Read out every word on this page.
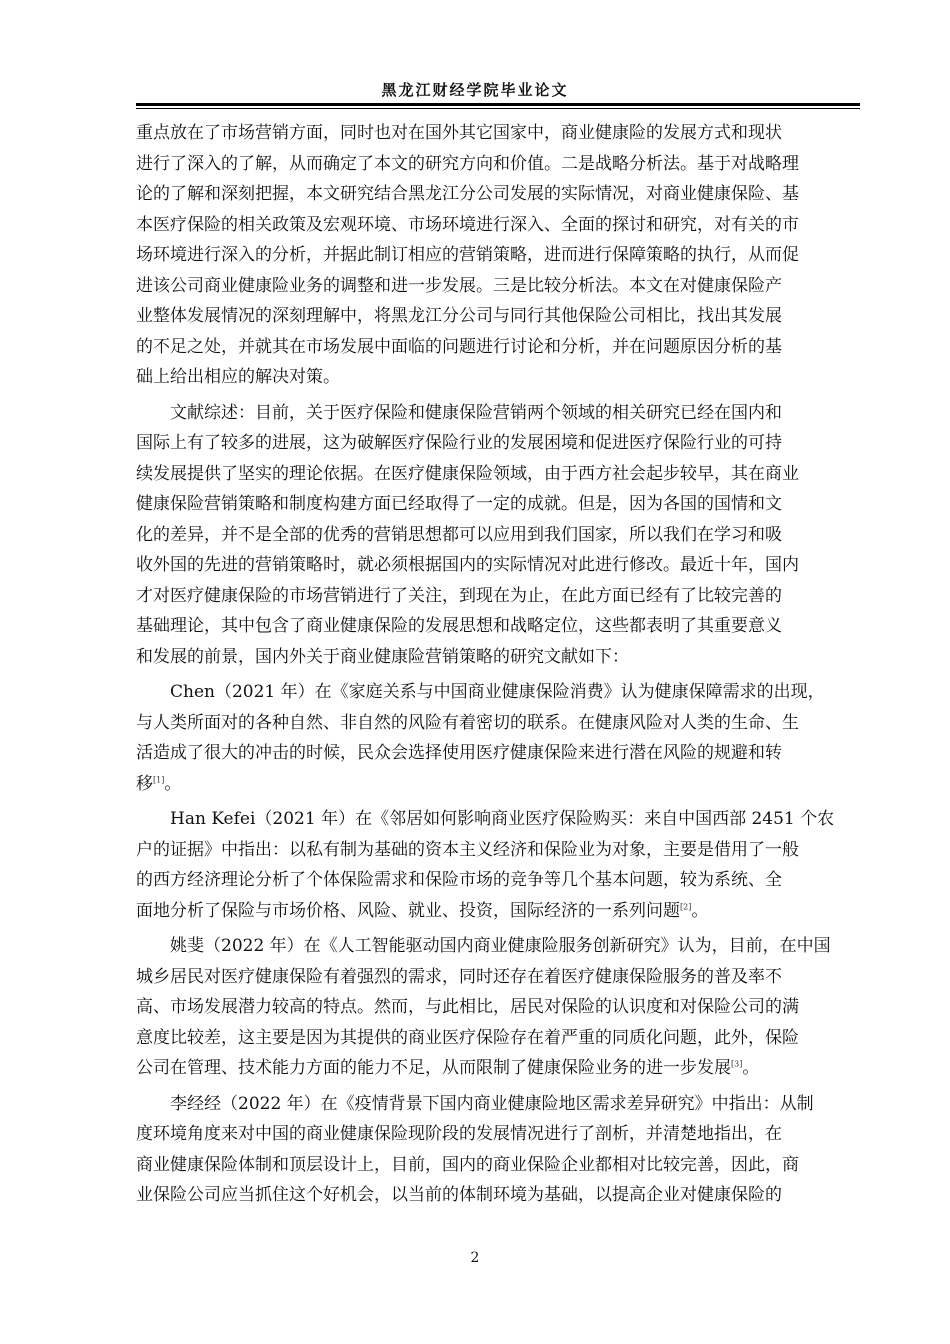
黑龙江财经学院毕业论文
重点放在了市场营销方面，同时也对在国外其它国家中，商业健康险的发展方式和现状
进行了深入的了解，从而确定了本文的研究方向和价值。二是战略分析法。基于对战略理
论的了解和深刻把握，本文研究结合黑龙江分公司发展的实际情况，对商业健康保险、基
本医疗保险的相关政策及宏观环境、市场环境进行深入、全面的探讨和研究，对有关的市
场环境进行深入的分析，并据此制订相应的营销策略，进而进行保障策略的执行，从而促
进该公司商业健康险业务的调整和进一步发展。三是比较分析法。本文在对健康保险产
业整体发展情况的深刻理解中，将黑龙江分公司与同行其他保险公司相比，找出其发展
的不足之处，并就其在市场发展中面临的问题进行讨论和分析，并在问题原因分析的基
础上给出相应的解决对策。
　　文献综述：目前，关于医疗保险和健康保险营销两个领域的相关研究已经在国内和
国际上有了较多的进展，这为破解医疗保险行业的发展困境和促进医疗保险行业的可持
续发展提供了坚实的理论依据。在医疗健康保险领域，由于西方社会起步较早，其在商业
健康保险营销策略和制度构建方面已经取得了一定的成就。但是，因为各国的国情和文
化的差异，并不是全部的优秀的营销思想都可以应用到我们国家，所以我们在学习和吸
收外国的先进的营销策略时，就必须根据国内的实际情况对此进行修改。最近十年，国内
才对医疗健康保险的市场营销进行了关注，到现在为止，在此方面已经有了比较完善的
基础理论，其中包含了商业健康保险的发展思想和战略定位，这些都表明了其重要意义
和发展的前景，国内外关于商业健康险营销策略的研究文献如下：
　　Chen（2021 年）在《家庭关系与中国商业健康保险消费》认为健康保障需求的出现，
与人类所面对的各种自然、非自然的风险有着密切的联系。在健康风险对人类的生命、生
活造成了很大的冲击的时候，民众会选择使用医疗健康保险来进行潜在风险的规避和转
移[1]。
　　Han Kefei（2021 年）在《邻居如何影响商业医疗保险购买：来自中国西部 2451 个农
户的证据》中指出：以私有制为基础的资本主义经济和保险业为对象，主要是借用了一般
的西方经济理论分析了个体保险需求和保险市场的竞争等几个基本问题，较为系统、全
面地分析了保险与市场价格、风险、就业、投资，国际经济的一系列问题[2]。
　　姚斐（2022 年）在《人工智能驱动国内商业健康险服务创新研究》认为，目前，在中国
城乡居民对医疗健康保险有着强烈的需求，同时还存在着医疗健康保险服务的普及率不
高、市场发展潜力较高的特点。然而，与此相比，居民对保险的认识度和对保险公司的满
意度比较差，这主要是因为其提供的商业医疗保险存在着严重的同质化问题，此外，保险
公司在管理、技术能力方面的能力不足，从而限制了健康保险业务的进一步发展[3]。
　　李经经（2022 年）在《疫情背景下国内商业健康险地区需求差异研究》中指出：从制
度环境角度来对中国的商业健康保险现阶段的发展情况进行了剖析，并清楚地指出，在
商业健康保险体制和顶层设计上，目前，国内的商业保险企业都相对比较完善，因此，商
业保险公司应当抓住这个好机会，以当前的体制环境为基础，以提高企业对健康保险的
2
